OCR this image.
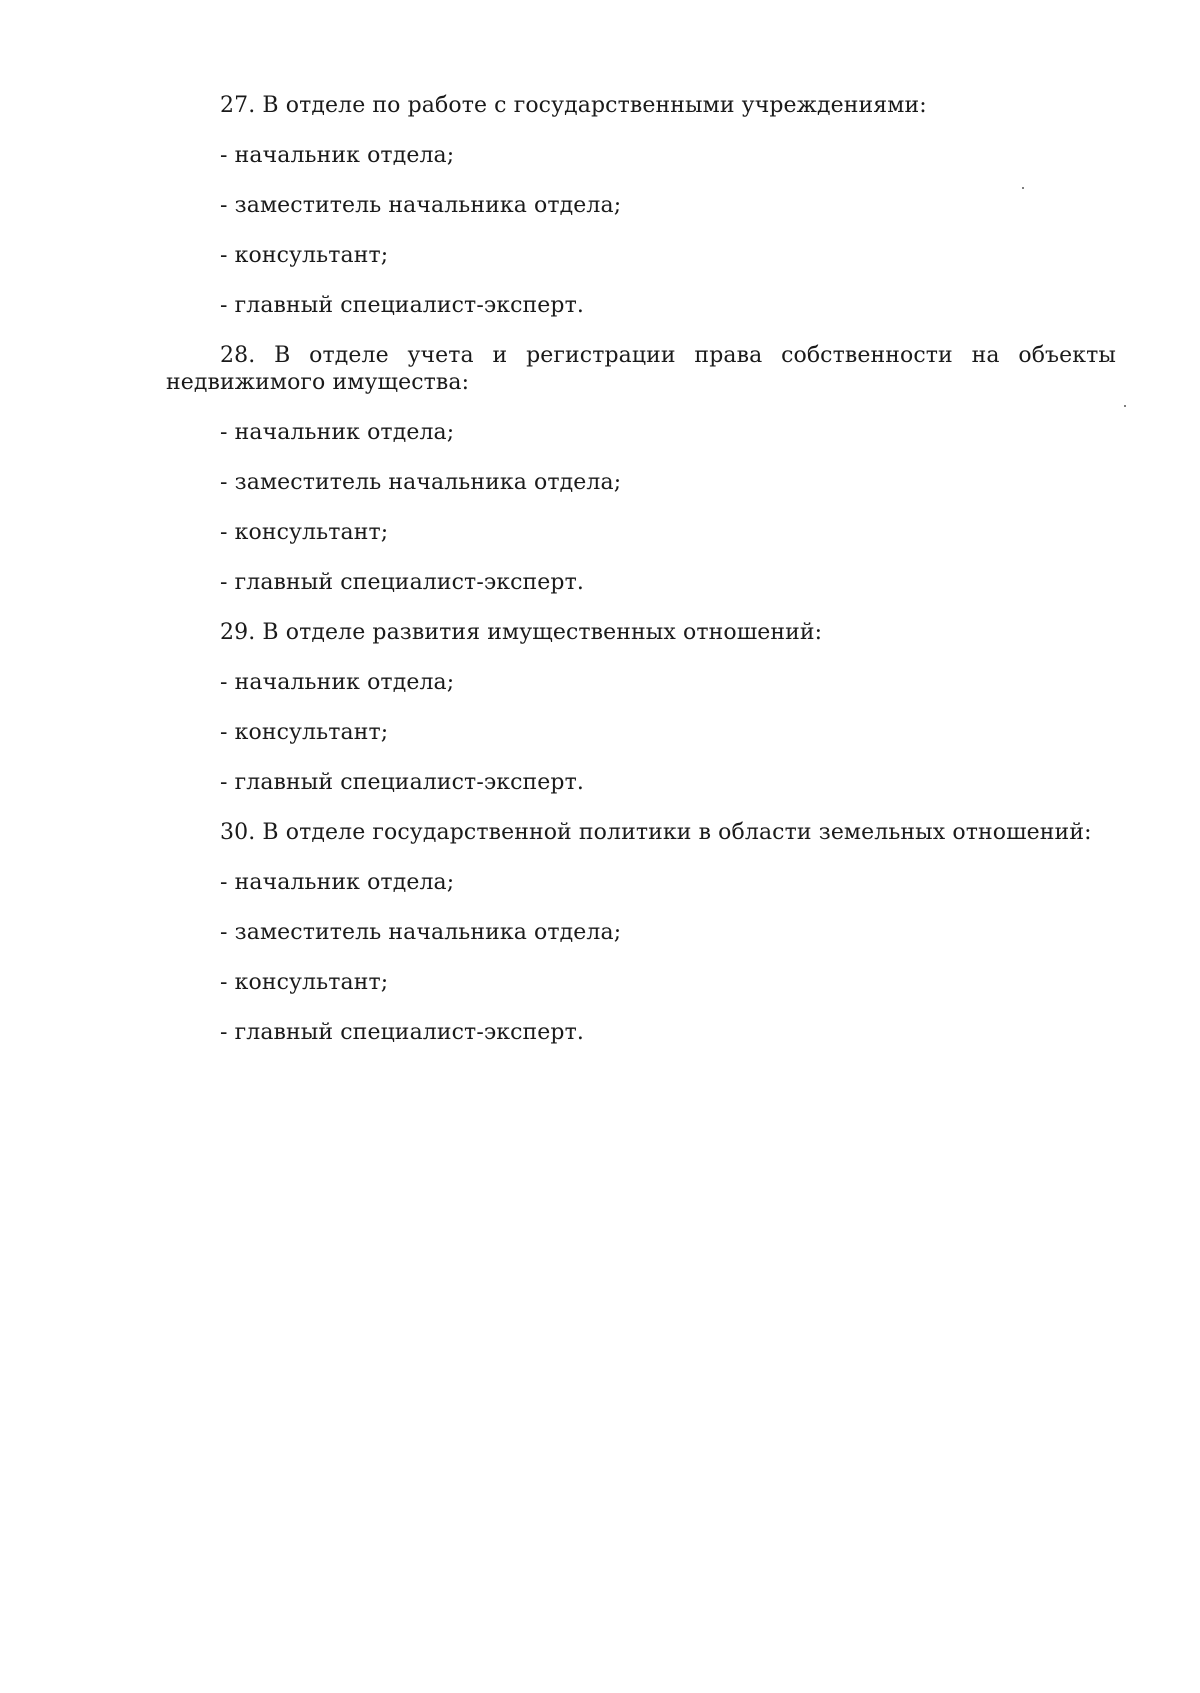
27. В отделе по работе с государственными учреждениями:

- начальник отдела;

- заместитель начальника отдела;

- консультант;

- главный специалист-эксперт.

28. В отделе учета и регистрации права собственности на объекты недвижимого имущества:

- начальник отдела;

- заместитель начальника отдела;

- консультант;

- главный специалист-эксперт.

29. В отделе развития имущественных отношений:

- начальник отдела;

- консультант;

- главный специалист-эксперт.

30. В отделе государственной политики в области земельных отношений:

- начальник отдела;

- заместитель начальника отдела;

- консультант;

- главный специалист-эксперт.
